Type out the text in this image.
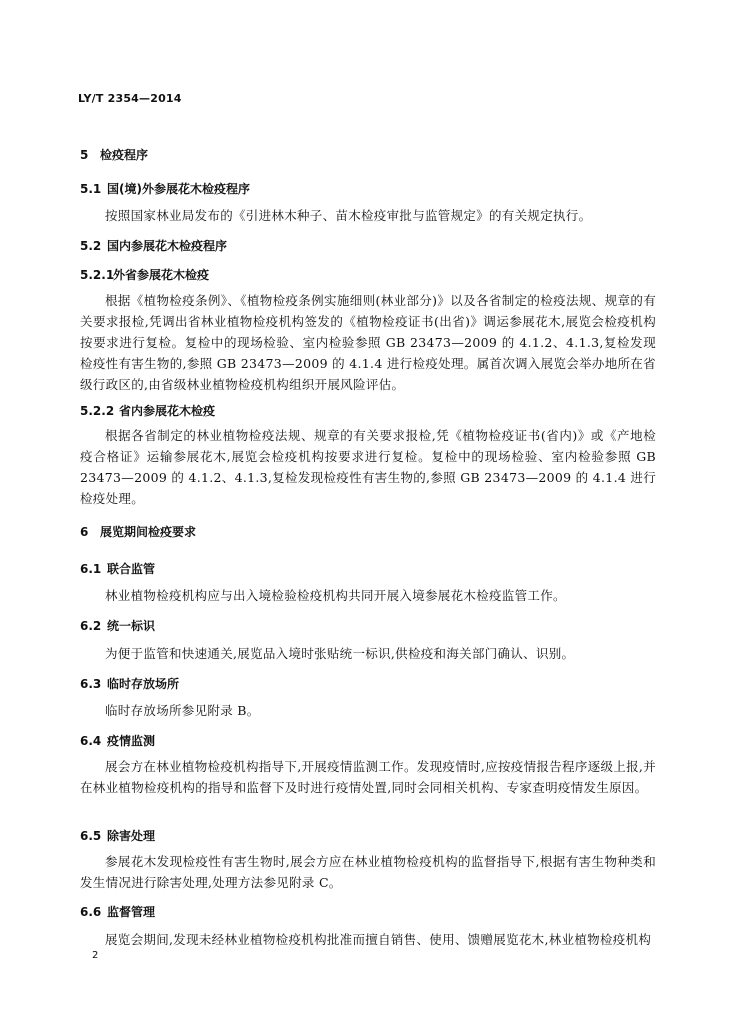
LY/T 2354—2014
5 检疫程序
5.1 国(境)外参展花木检疫程序
按照国家林业局发布的《引进林木种子、苗木检疫审批与监管规定》的有关规定执行。
5.2 国内参展花木检疫程序
5.2.1外省参展花木检疫
根据《植物检疫条例》、《植物检疫条例实施细则(林业部分)》以及各省制定的检疫法规、规章的有关要求报检,凭调出省林业植物检疫机构签发的《植物检疫证书(出省)》调运参展花木,展览会检疫机构按要求进行复检。复检中的现场检验、室内检验参照 GB 23473—2009 的 4.1.2、4.1.3,复检发现检疫性有害生物的,参照 GB 23473—2009 的 4.1.4 进行检疫处理。属首次调入展览会举办地所在省级行政区的,由省级林业植物检疫机构组织开展风险评估。
5.2.2 省内参展花木检疫
根据各省制定的林业植物检疫法规、规章的有关要求报检,凭《植物检疫证书(省内)》或《产地检疫合格证》运输参展花木,展览会检疫机构按要求进行复检。复检中的现场检验、室内检验参照 GB 23473—2009 的 4.1.2、4.1.3,复检发现检疫性有害生物的,参照 GB 23473—2009 的 4.1.4 进行检疫处理。
6 展览期间检疫要求
6.1 联合监管
林业植物检疫机构应与出入境检验检疫机构共同开展入境参展花木检疫监管工作。
6.2 统一标识
为便于监管和快速通关,展览品入境时张贴统一标识,供检疫和海关部门确认、识别。
6.3 临时存放场所
临时存放场所参见附录 B。
6.4 疫情监测
展会方在林业植物检疫机构指导下,开展疫情监测工作。发现疫情时,应按疫情报告程序逐级上报,并在林业植物检疫机构的指导和监督下及时进行疫情处置,同时会同相关机构、专家查明疫情发生原因。
6.5 除害处理
参展花木发现检疫性有害生物时,展会方应在林业植物检疫机构的监督指导下,根据有害生物种类和发生情况进行除害处理,处理方法参见附录 C。
6.6 监督管理
展览会期间,发现未经林业植物检疫机构批准而擅自销售、使用、馈赠展览花木,林业植物检疫机构
2
